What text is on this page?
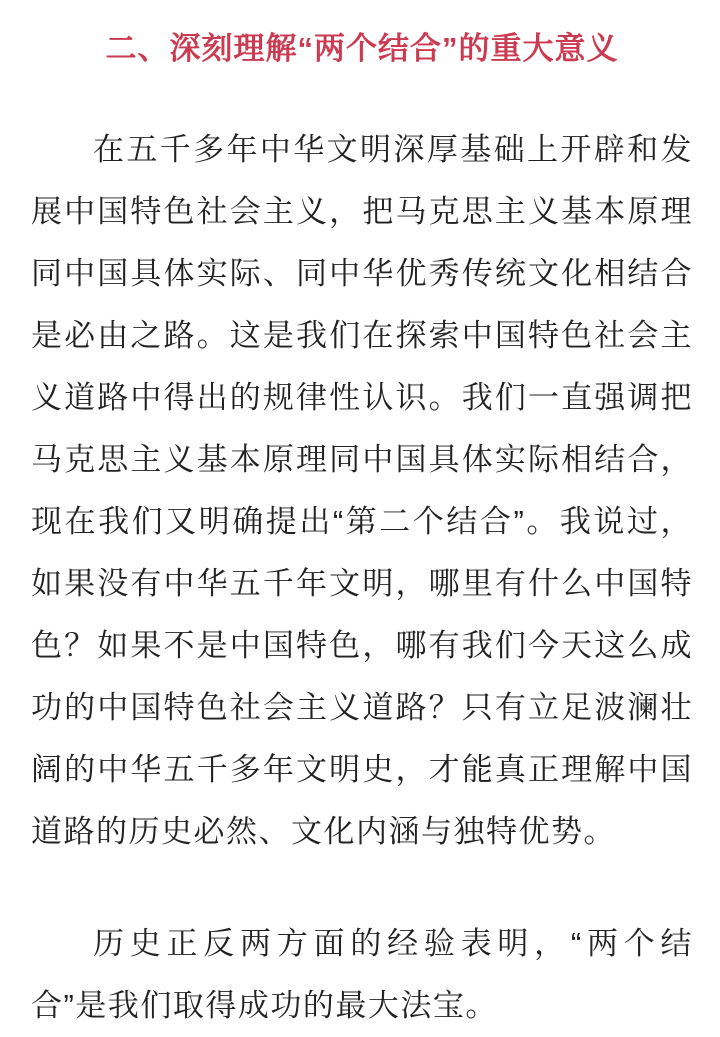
二、深刻理解“两个结合”的重大意义

在五千多年中华文明深厚基础上开辟和发展中国特色社会主义，把马克思主义基本原理同中国具体实际、同中华优秀传统文化相结合是必由之路。这是我们在探索中国特色社会主义道路中得出的规律性认识。我们一直强调把马克思主义基本原理同中国具体实际相结合，现在我们又明确提出“第二个结合”。我说过，如果没有中华五千年文明，哪里有什么中国特色？如果不是中国特色，哪有我们今天这么成功的中国特色社会主义道路？只有立足波澜壮阔的中华五千多年文明史，才能真正理解中国道路的历史必然、文化内涵与独特优势。

历史正反两方面的经验表明，“两个结合”是我们取得成功的最大法宝。
